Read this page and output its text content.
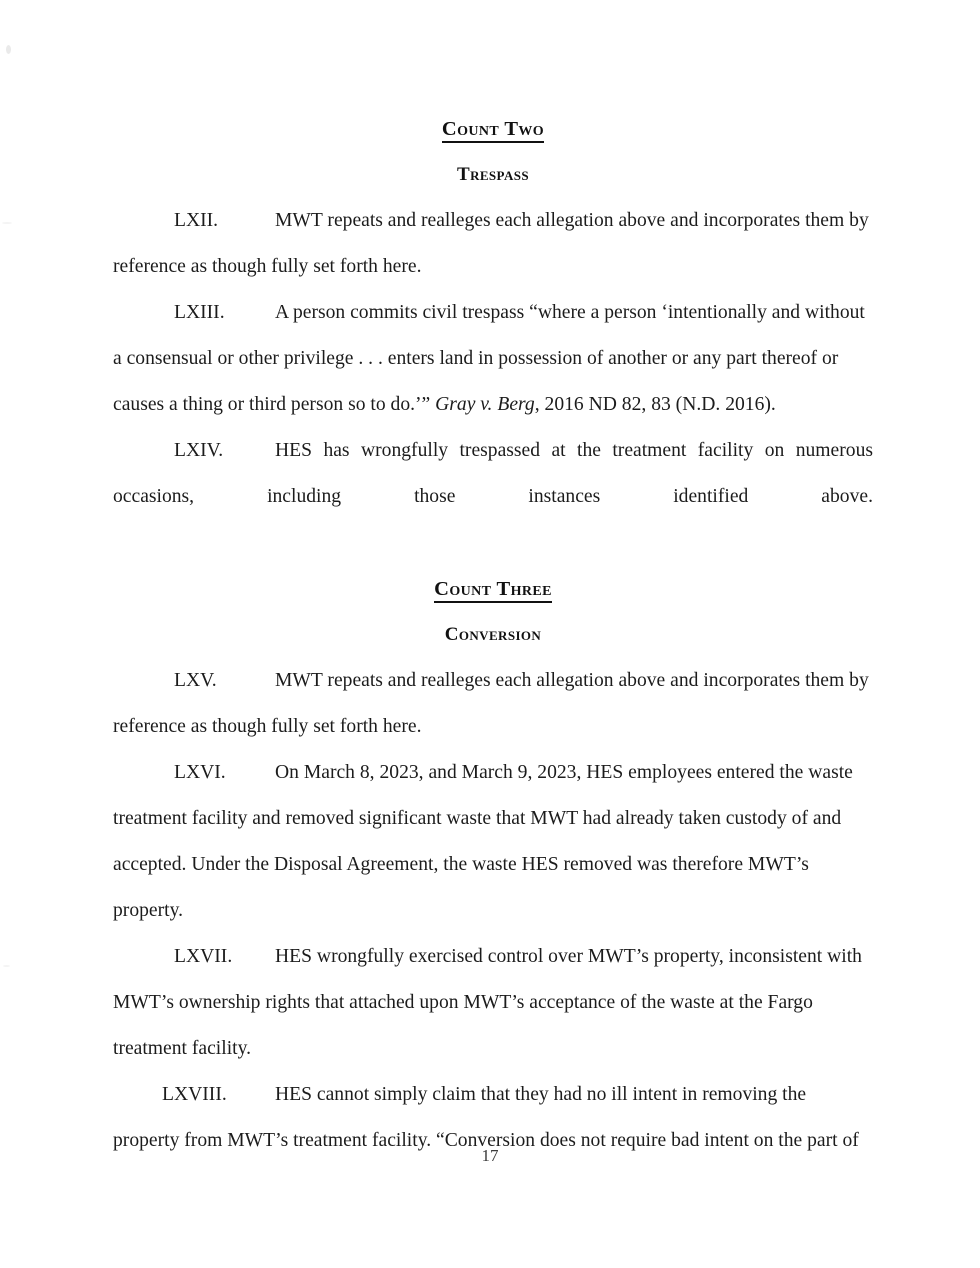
Count Two
Trespass

LXII.	MWT repeats and realleges each allegation above and incorporates them by reference as though fully set forth here.

LXIII.	A person commits civil trespass “where a person ‘intentionally and without a consensual or other privilege . . . enters land in possession of another or any part thereof or causes a thing or third person so to do.’” Gray v. Berg, 2016 ND 82, 83 (N.D. 2016).

LXIV.	HES has wrongfully trespassed at the treatment facility on numerous occasions, including those instances identified above.

Count Three
Conversion

LXV.	MWT repeats and realleges each allegation above and incorporates them by reference as though fully set forth here.

LXVI.	On March 8, 2023, and March 9, 2023, HES employees entered the waste treatment facility and removed significant waste that MWT had already taken custody of and accepted. Under the Disposal Agreement, the waste HES removed was therefore MWT’s property.

LXVII. HES wrongfully exercised control over MWT’s property, inconsistent with MWT’s ownership rights that attached upon MWT’s acceptance of the waste at the Fargo treatment facility.

LXVIII. HES cannot simply claim that they had no ill intent in removing the property from MWT’s treatment facility. “Conversion does not require bad intent on the part of

17
